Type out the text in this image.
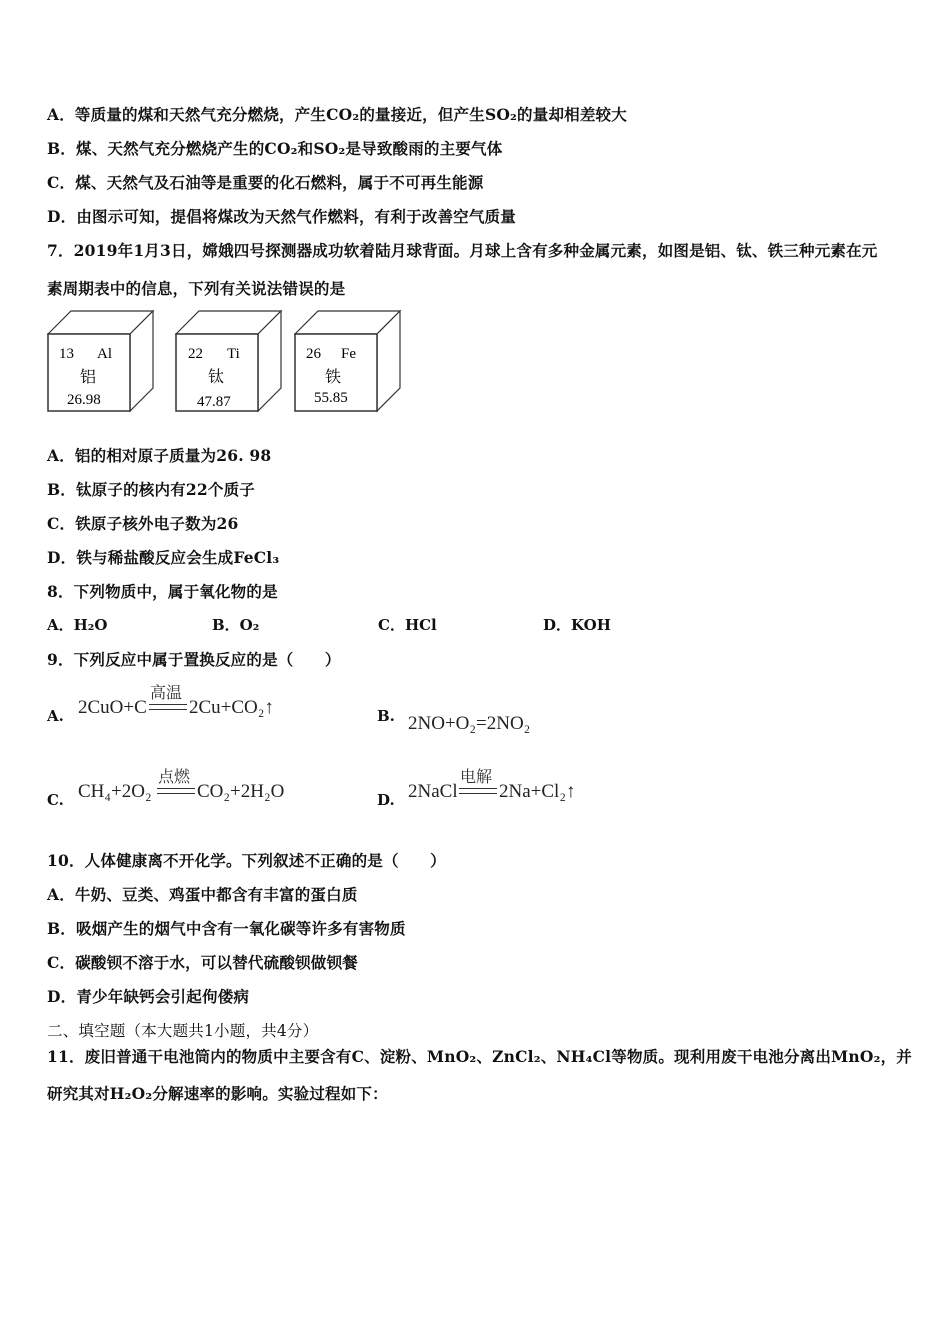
A．等质量的煤和天然气充分燃烧，产生CO₂的量接近，但产生SO₂的量却相差较大
B．煤、天然气充分燃烧产生的CO₂和SO₂是导致酸雨的主要气体
C．煤、天然气及石油等是重要的化石燃料，属于不可再生能源
D．由图示可知，提倡将煤改为天然气作燃料，有利于改善空气质量
7．2019年1月3日，嫦娥四号探测器成功软着陆月球背面。月球上含有多种金属元素，如图是铝、钛、铁三种元素在元
素周期表中的信息，下列有关说法错误的是
13 Al
铝
26.98
22 Ti
钛
47.87
26 Fe
铁
55.85
A．铝的相对原子质量为26. 98
B．钛原子的核内有22个质子
C．铁原子核外电子数为26
D．铁与稀盐酸反应会生成FeCl₃
8．下列物质中，属于氧化物的是
A．H₂O	B．O₂	C．HCl	D．KOH
9．下列反应中属于置换反应的是（　　）
A. 2CuO+C
高温
2Cu+CO₂↑	B. 2NO+O₂=2NO₂
C. CH₄+2O₂
点燃
CO₂+2H₂O	D. 2NaCl
电解
2Na+Cl₂↑
10．人体健康离不开化学。下列叙述不正确的是（　　）
A．牛奶、豆类、鸡蛋中都含有丰富的蛋白质
B．吸烟产生的烟气中含有一氧化碳等许多有害物质
C．碳酸钡不溶于水，可以替代硫酸钡做钡餐
D．青少年缺钙会引起佝偻病
二、填空题（本大题共1小题，共4分）
11．废旧普通干电池筒内的物质中主要含有C、淀粉、MnO₂、ZnCl₂、NH₄Cl等物质。现利用废干电池分离出MnO₂，并
研究其对H₂O₂分解速率的影响。实验过程如下：
